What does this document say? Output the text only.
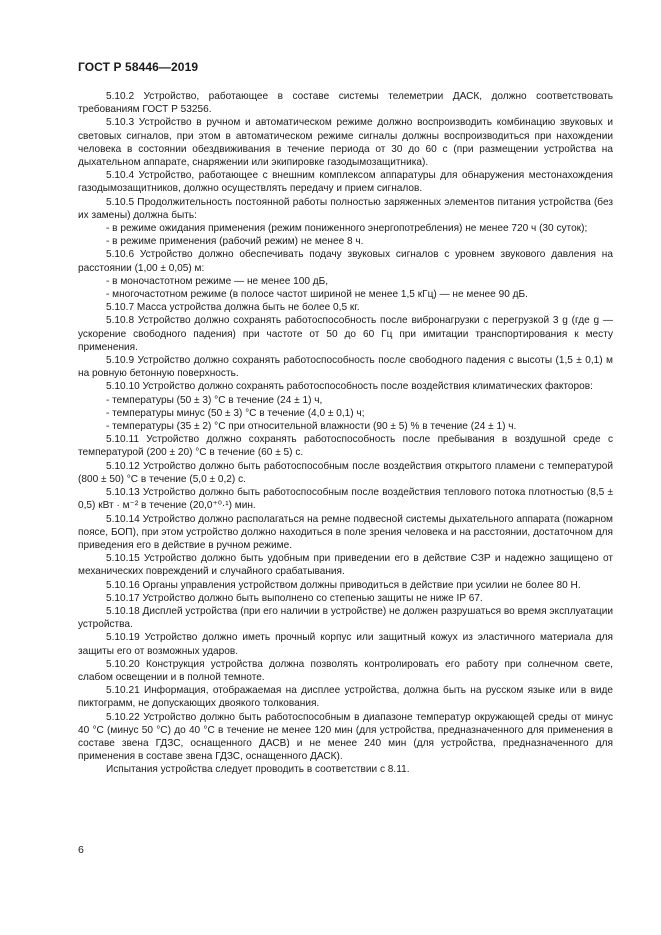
ГОСТ Р 58446—2019

5.10.2 Устройство, работающее в составе системы телеметрии ДАСК, должно соответствовать требованиям ГОСТ Р 53256.

5.10.3 Устройство в ручном и автоматическом режиме должно воспроизводить комбинацию звуковых и световых сигналов, при этом в автоматическом режиме сигналы должны воспроизводиться при нахождении человека в состоянии обездвиживания в течение периода от 30 до 60 с (при размещении устройства на дыхательном аппарате, снаряжении или экипировке газодымозащитника).

5.10.4 Устройство, работающее с внешним комплексом аппаратуры для обнаружения местонахождения газодымозащитников, должно осуществлять передачу и прием сигналов.

5.10.5 Продолжительность постоянной работы полностью заряженных элементов питания устройства (без их замены) должна быть:

- в режиме ожидания применения (режим пониженного энергопотребления) не менее 720 ч (30 суток);

- в режиме применения (рабочий режим) не менее 8 ч.

5.10.6 Устройство должно обеспечивать подачу звуковых сигналов с уровнем звукового давления на расстоянии (1,00 ± 0,05) м:

- в моночастотном режиме — не менее 100 дБ,

- многочастотном режиме (в полосе частот шириной не менее 1,5 кГц) — не менее 90 дБ.

5.10.7 Масса устройства должна быть не более 0,5 кг.

5.10.8 Устройство должно сохранять работоспособность после вибронагрузки с перегрузкой 3 g (где g — ускорение свободного падения) при частоте от 50 до 60 Гц при имитации транспортирования к месту применения.

5.10.9 Устройство должно сохранять работоспособность после свободного падения с высоты (1,5 ± 0,1) м на ровную бетонную поверхность.

5.10.10 Устройство должно сохранять работоспособность после воздействия климатических факторов:

- температуры (50 ± 3) °С в течение (24 ± 1) ч,

- температуры минус (50 ± 3) °С в течение (4,0 ± 0,1) ч;

- температуры (35 ± 2) °С при относительной влажности (90 ± 5) % в течение (24 ± 1) ч.

5.10.11 Устройство должно сохранять работоспособность после пребывания в воздушной среде с температурой (200 ± 20) °С в течение (60 ± 5) с.

5.10.12 Устройство должно быть работоспособным после воздействия открытого пламени с температурой (800 ± 50) °С в течение (5,0 ± 0,2) с.

5.10.13 Устройство должно быть работоспособным после воздействия теплового потока плотностью (8,5 ± 0,5) кВт · м⁻² в течение (20,0⁺⁰·¹) мин.

5.10.14 Устройство должно располагаться на ремне подвесной системы дыхательного аппарата (пожарном поясе, БОП), при этом устройство должно находиться в поле зрения человека и на расстоянии, достаточном для приведения его в действие в ручном режиме.

5.10.15 Устройство должно быть удобным при приведении его в действие СЗР и надежно защищено от механических повреждений и случайного срабатывания.

5.10.16 Органы управления устройством должны приводиться в действие при усилии не более 80 Н.

5.10.17 Устройство должно быть выполнено со степенью защиты не ниже IP 67.

5.10.18 Дисплей устройства (при его наличии в устройстве) не должен разрушаться во время эксплуатации устройства.

5.10.19 Устройство должно иметь прочный корпус или защитный кожух из эластичного материала для защиты его от возможных ударов.

5.10.20 Конструкция устройства должна позволять контролировать его работу при солнечном свете, слабом освещении и в полной темноте.

5.10.21 Информация, отображаемая на дисплее устройства, должна быть на русском языке или в виде пиктограмм, не допускающих двоякого толкования.

5.10.22 Устройство должно быть работоспособным в диапазоне температур окружающей среды от минус 40 °С (минус 50 °С) до 40 °С в течение не менее 120 мин (для устройства, предназначенного для применения в составе звена ГДЗС, оснащенного ДАСВ) и не менее 240 мин (для устройства, предназначенного для применения в составе звена ГДЗС, оснащенного ДАСК).

Испытания устройства следует проводить в соответствии с 8.11.

6
